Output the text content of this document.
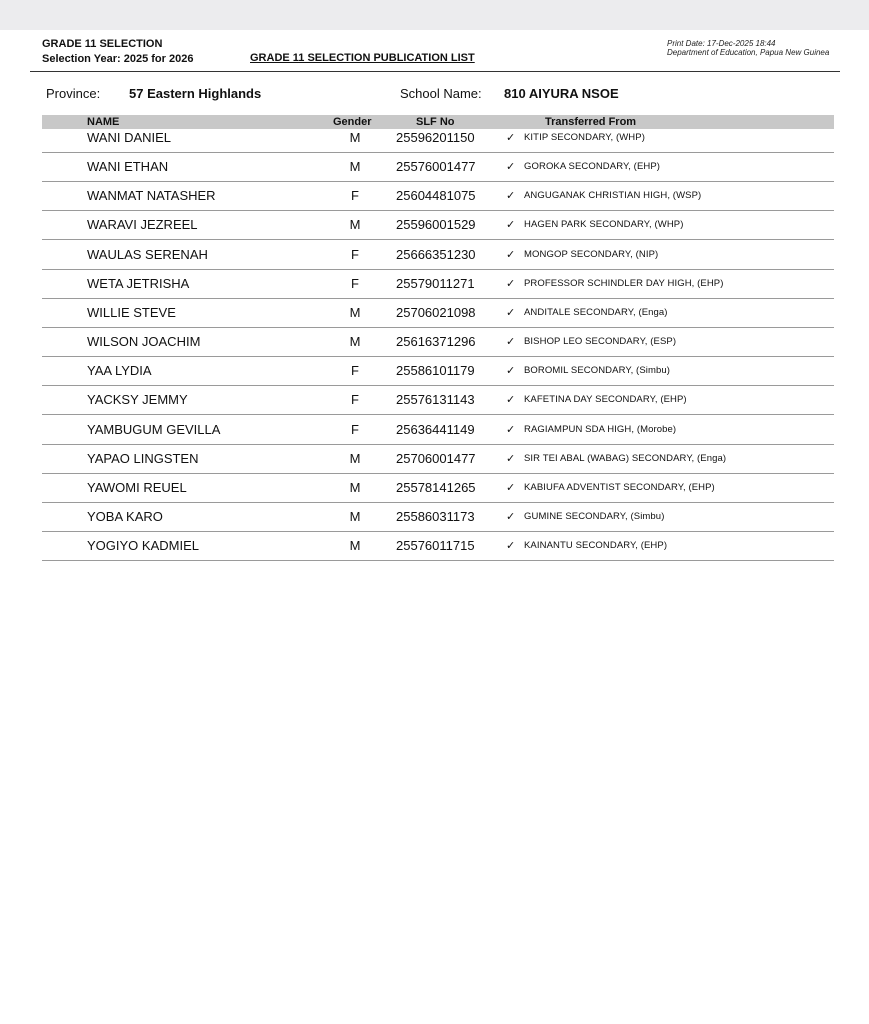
GRADE 11 SELECTION
Selection Year: 2025 for 2026	GRADE 11 SELECTION PUBLICATION LIST
Print Date: 17-Dec-2025 18:44
Department of Education, Papua New Guinea
Province: 57 Eastern Highlands	School Name: 810 AIYURA NSOE
NAME	Gender	SLF No	Transferred From
WANI DANIEL	M	25596201150	✓ KITIP SECONDARY, (WHP)
WANI ETHAN	M	25576001477	✓ GOROKA SECONDARY, (EHP)
WANMAT NATASHER	F	25604481075	✓ ANGUGANAK CHRISTIAN HIGH, (WSP)
WARAVI JEZREEL	M	25596001529	✓ HAGEN PARK SECONDARY, (WHP)
WAULAS SERENAH	F	25666351230	✓ MONGOP SECONDARY, (NIP)
WETA JETRISHA	F	25579011271	✓ PROFESSOR SCHINDLER DAY HIGH, (EHP)
WILLIE STEVE	M	25706021098	✓ ANDITALE SECONDARY, (Enga)
WILSON JOACHIM	M	25616371296	✓ BISHOP LEO SECONDARY, (ESP)
YAA LYDIA	F	25586101179	✓ BOROMIL SECONDARY, (Simbu)
YACKSY JEMMY	F	25576131143	✓ KAFETINA DAY SECONDARY, (EHP)
YAMBUGUM GEVILLA	F	25636441149	✓ RAGIAMPUN SDA HIGH, (Morobe)
YAPAO LINGSTEN	M	25706001477	✓ SIR TEI ABAL (WABAG) SECONDARY, (Enga)
YAWOMI REUEL	M	25578141265	✓ KABIUFA ADVENTIST SECONDARY, (EHP)
YOBA KARO	M	25586031173	✓ GUMINE SECONDARY, (Simbu)
YOGIYO KADMIEL	M	25576011715	✓ KAINANTU SECONDARY, (EHP)
